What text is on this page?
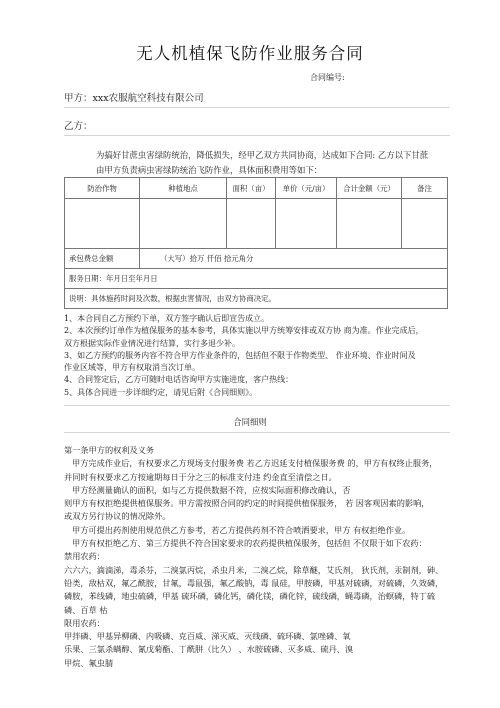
无人机植保飞防作业服务合同
合同编号:
甲方：xxx农服航空科技有限公司
乙方：
为搞好甘蔗虫害绿防统治，降低损失，经甲乙双方共同协商，达成如下合同: 乙方以下甘蔗由甲方负责病虫害绿防统治飞防作业，具体面积费用等如下：
防治作物	种植地点	面积（亩）	单价（元/亩）	合计金额（元）	备注

承包费总金额	（大写）拾万 仟佰 拾元角分				
服务日期：年月日至年月日					
说明：具体施药时间及次数，根据虫害情况，由双方协商决定。					
1、本合同自乙方预约下单，双方签字确认后即宣告成立。
2、本次预约订单作为植保服务的基本参考，具体实施以甲方统筹安排或双方协 商为准。作业完成后，
双方根据实际作业情况进行结算，实行多退少补。
3、如乙方预约的服务内容不符合甲方作业条件的，包括但不限于作物类型、 作业环境、作业时间及
作业区域等，甲方有权取消当次订单。
4、合同签定后，乙方可随时电话咨询甲方实施进度，客户热线：
5、具体合同进一步详细约定，请见后附《合同细则》。
合同细则
第一条甲方的权利及义务
甲方完成作业后，有权要求乙方现场支付服务费 若乙方迟延支付植保服务费 的，甲方有权终止服务，
并同时有权要求乙方按逾期每日于分之三的标准支付违 约金直至清偿之日。
甲方经测量确认的面积，如与乙方提供数据不符，应按实际面积修改确认，否
则甲方有权拒绝提供植保服务。甲方需按照合同的约定的时间提供植保服务， 若 因客观因素的影响，
或双方另行协议的情况除外。
甲方可提出药剂使用规范供乙方参考，若乙方提供药剂不符合喷洒要求，甲方 有权拒绝作业。
甲方有权拒绝乙方、第三方提供不符合国家要求的农药提供植保服务，包括但 不仅限于如下农药：
禁用农药：
六六六，滴滴涕，毒杀芬，二溴氯丙烷，杀虫月米，二溴乙烷，除草醚，艾氏剂， 狄氏剂，汞制剂，砷、
铅类，敌枯双，氟乙酰胺，甘氟，毒鼠强，氟乙酸钠，毒 鼠硅，甲胺磷，甲基对硫磷，对硫磷，久效磷，
磷胺，苯线磷，地虫硫磷，甲基 硫环磷，磷化钙，磷化镁，磷化锌，硫线磷，蝇毒磷，治螟磷，特丁硫
磷、百草 枯
限用农药：
甲拌磷、甲基异柳磷、内吸磷、克百威、涕灭威、灭线磷、硫环磷、氯唑磷、氧
乐果、三氯杀螨醇、氰戊菊酯、丁酰肼（比久） 、水胺硫磷、灭多威、硫丹、溴
甲烷、氟虫腈
